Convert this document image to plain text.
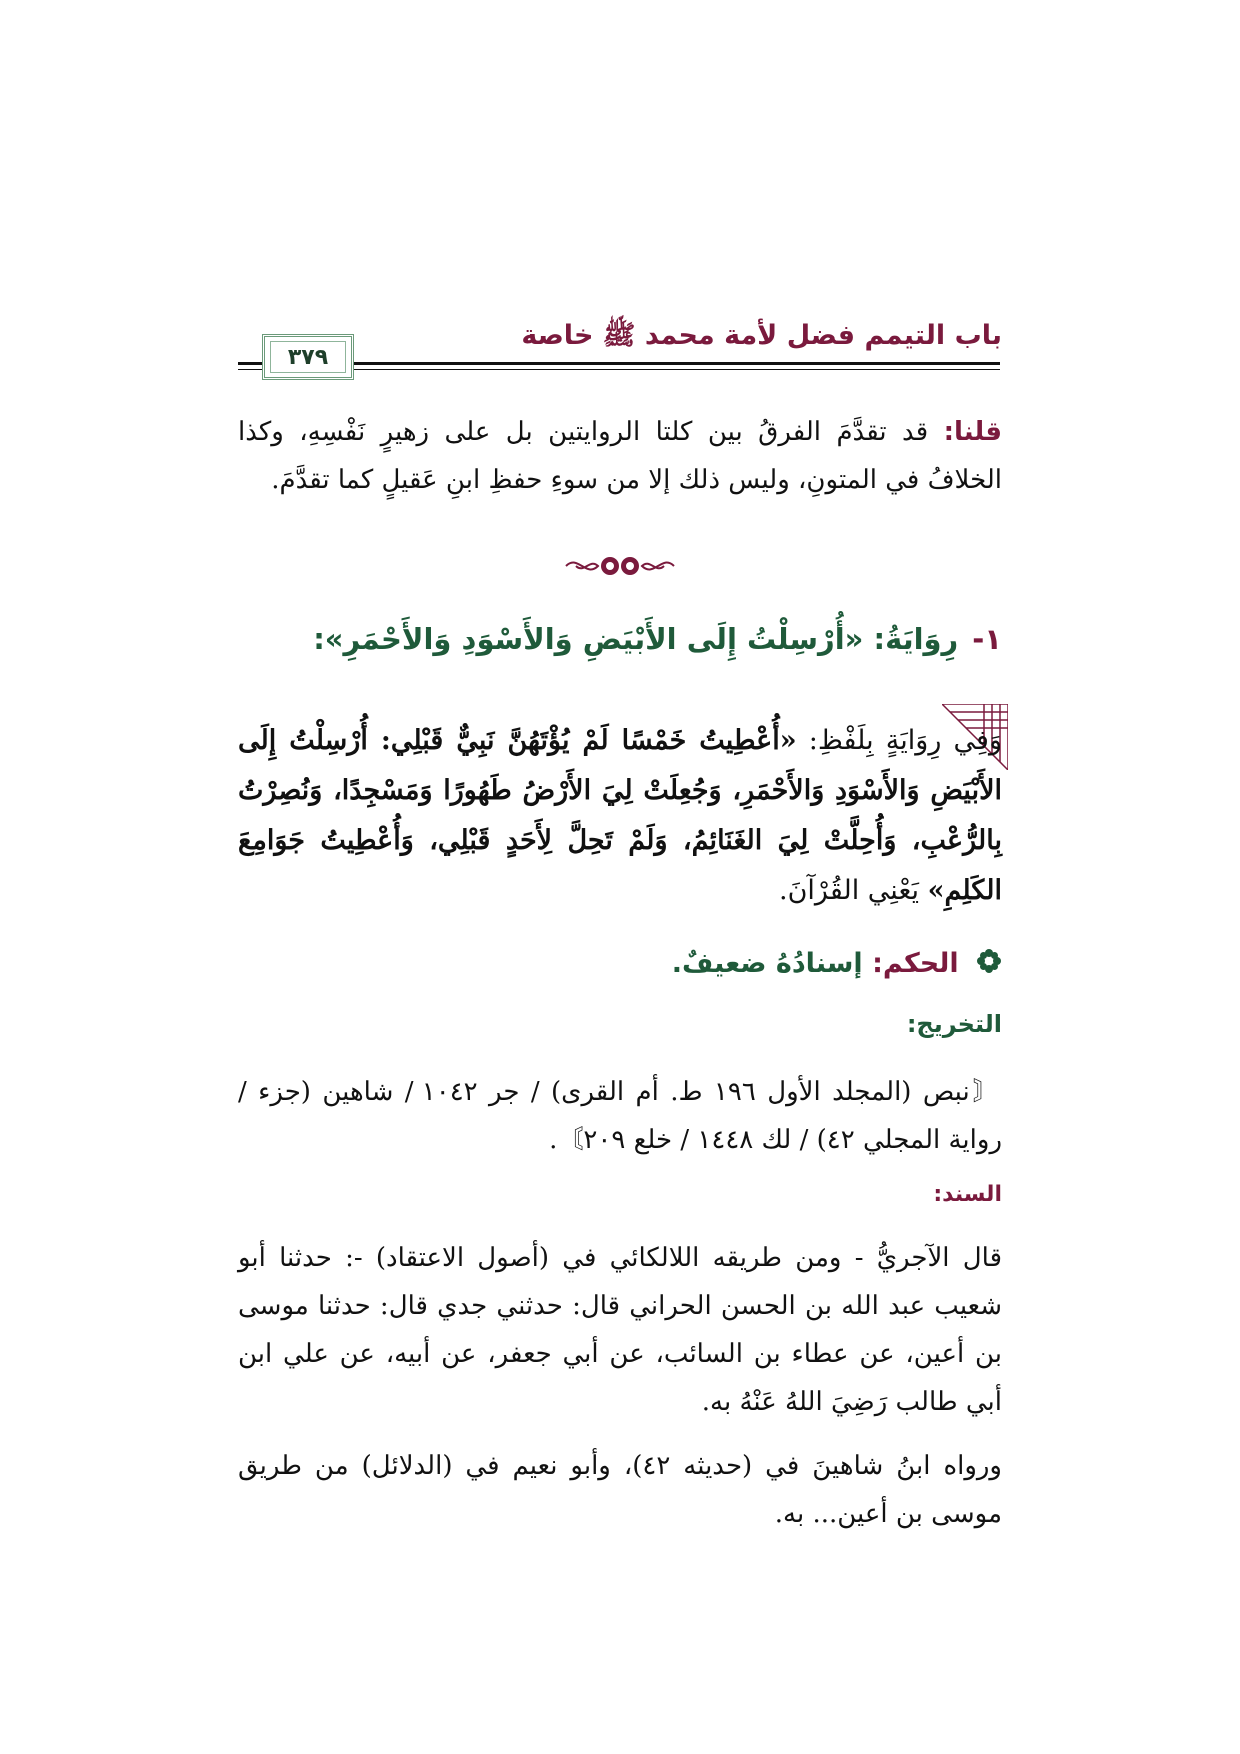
باب التيمم فضل لأمة محمد ﷺ خاصة
٣٧٩
قلنا: قد تقدَّمَ الفرقُ بين كلتا الروايتين بل على زهيرٍ نَفْسِهِ، وكذا الخلافُ في المتونِ، وليس ذلك إلا من سوءِ حفظِ ابنِ عَقيلٍ كما تقدَّمَ.
١-رِوَايَةُ: «أُرْسِلْتُ إِلَى الأَبْيَضِ وَالأَسْوَدِ وَالأَحْمَرِ»:
وَفِي رِوَايَةٍ بِلَفْظِ: «أُعْطِيتُ خَمْسًا لَمْ يُؤْتَهُنَّ نَبِيٌّ قَبْلِي: أُرْسِلْتُ إِلَى الأَبْيَضِ وَالأَسْوَدِ وَالأَحْمَرِ، وَجُعِلَتْ لِيَ الأَرْضُ طَهُورًا وَمَسْجِدًا، وَنُصِرْتُ بِالرُّعْبِ، وَأُحِلَّتْ لِيَ الغَنَائِمُ، وَلَمْ تَحِلَّ لِأَحَدٍ قَبْلِي، وَأُعْطِيتُ جَوَامِعَ الكَلِمِ» يَعْنِي القُرْآنَ.
الحكم: إسنادُهُ ضعيفٌ.
التخريج:
〘نبص (المجلد الأول ١٩٦ ط. أم القرى) / جر ١٠٤٢ / شاهين (جزء / رواية المجلي ٤٢) / لك ١٤٤٨ / خلع ٢٠٩〙.
السند:
قال الآجريُّ - ومن طريقه اللالكائي في (أصول الاعتقاد) -: حدثنا أبو شعيب عبد الله بن الحسن الحراني قال: حدثني جدي قال: حدثنا موسى بن أعين، عن عطاء بن السائب، عن أبي جعفر، عن أبيه، عن علي ابن أبي طالب رَضِيَ اللهُ عَنْهُ به.
ورواه ابنُ شاهينَ في (حديثه ٤٢)، وأبو نعيم في (الدلائل) من طريق موسى بن أعين... به.
